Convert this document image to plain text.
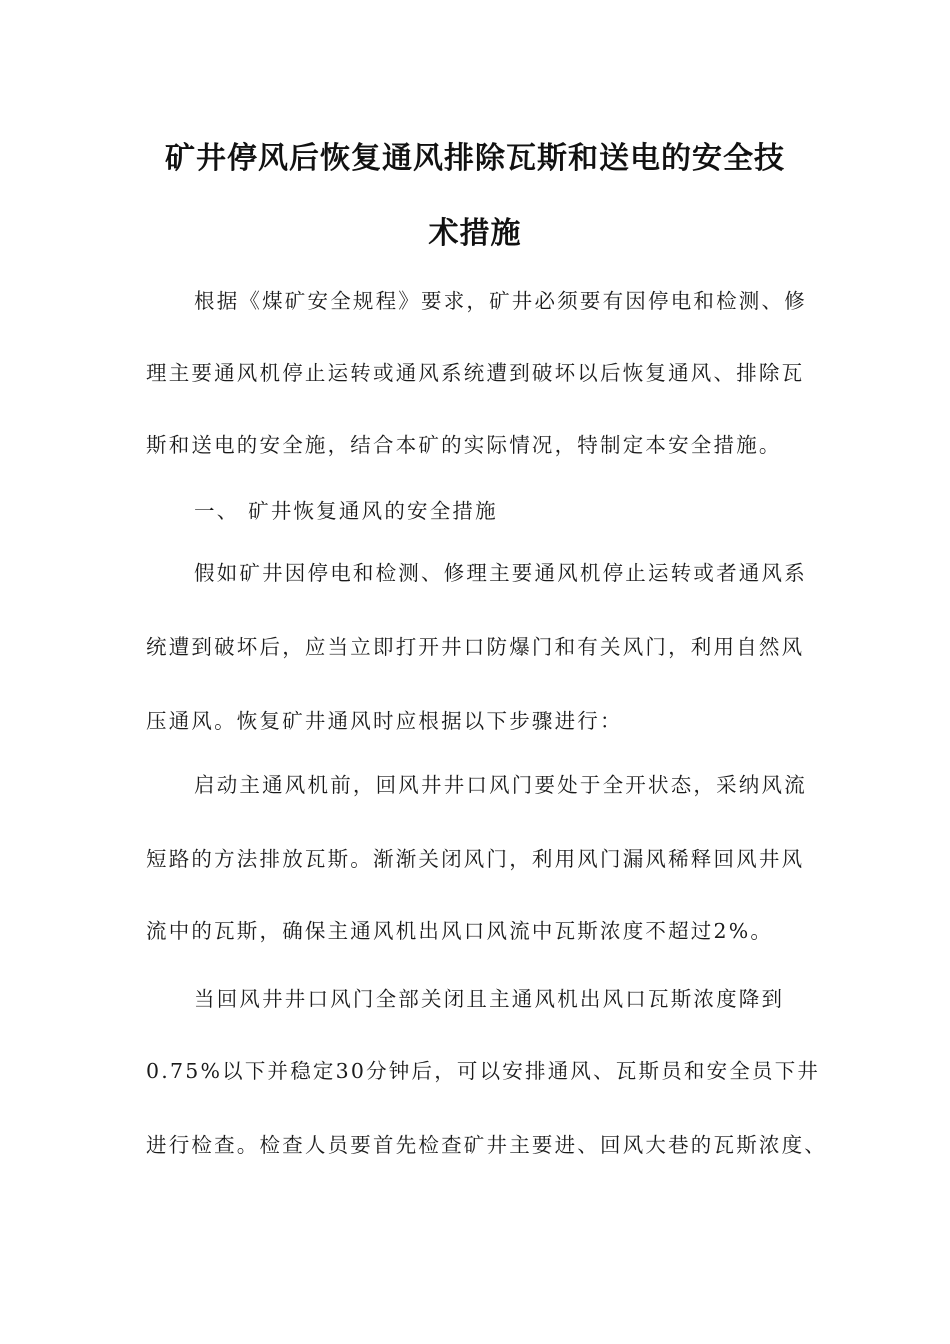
矿井停风后恢复通风排除瓦斯和送电的安全技
术措施
根据《煤矿安全规程》要求，矿井必须要有因停电和检测、修
理主要通风机停止运转或通风系统遭到破坏以后恢复通风、排除瓦
斯和送电的安全施，结合本矿的实际情况，特制定本安全措施。
一、 矿井恢复通风的安全措施
假如矿井因停电和检测、修理主要通风机停止运转或者通风系
统遭到破坏后，应当立即打开井口防爆门和有关风门，利用自然风
压通风。恢复矿井通风时应根据以下步骤进行：
启动主通风机前，回风井井口风门要处于全开状态，采纳风流
短路的方法排放瓦斯。渐渐关闭风门，利用风门漏风稀释回风井风
流中的瓦斯，确保主通风机出风口风流中瓦斯浓度不超过2%。
当回风井井口风门全部关闭且主通风机出风口瓦斯浓度降到
0.75%以下并稳定30分钟后，可以安排通风、瓦斯员和安全员下井
进行检查。检查人员要首先检查矿井主要进、回风大巷的瓦斯浓度、
